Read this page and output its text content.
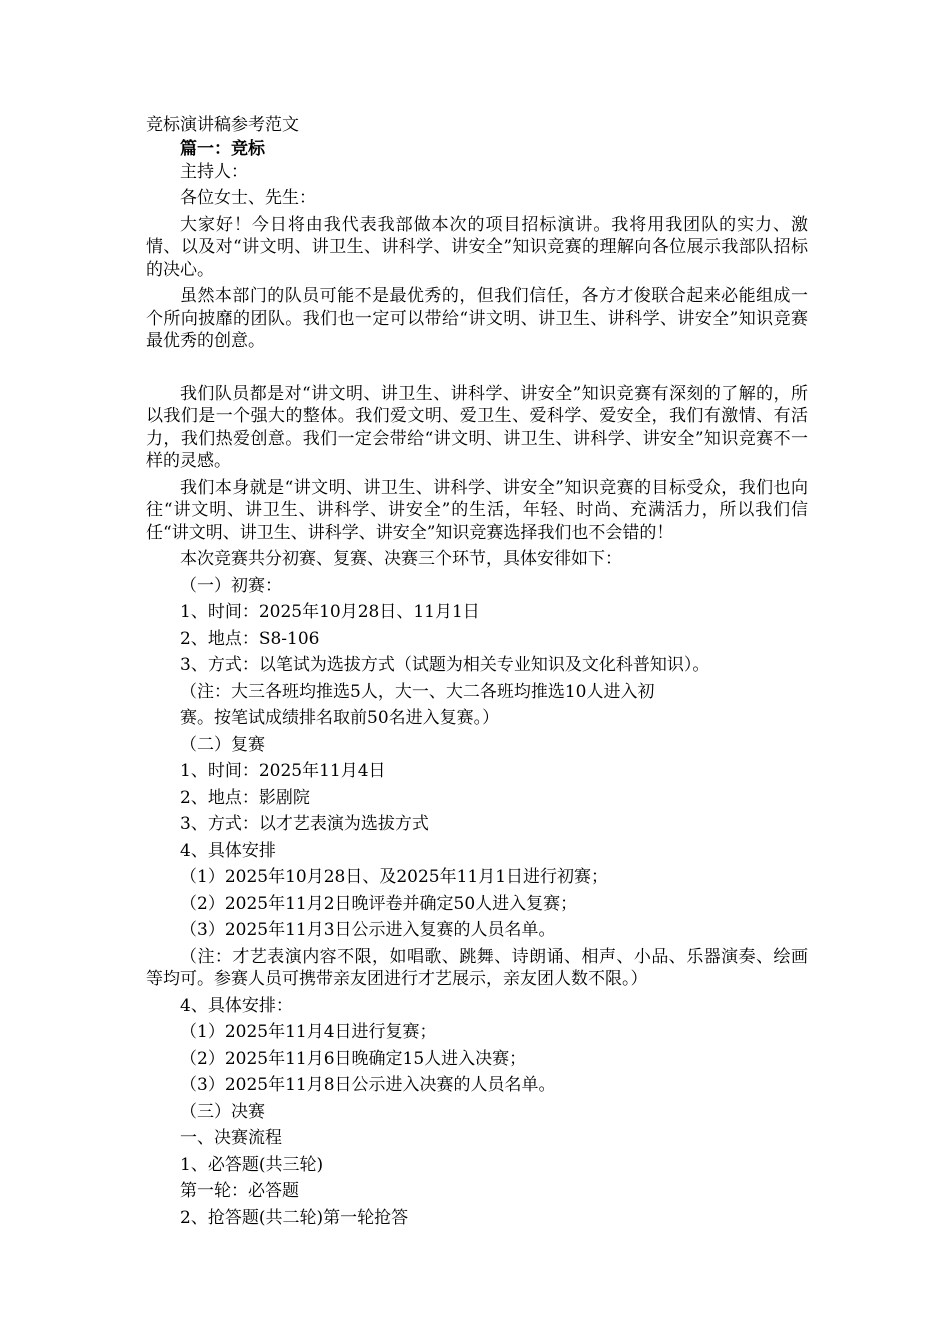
竞标演讲稿参考范文

篇一：竞标

主持人：

各位女士、先生：

大家好！今日将由我代表我部做本次的项目招标演讲。我将用我团队的实力、激情、以及对“讲文明、讲卫生、讲科学、讲安全”知识竞赛的理解向各位展示我部队招标的决心。

虽然本部门的队员可能不是最优秀的，但我们信任，各方才俊联合起来必能组成一个所向披靡的团队。我们也一定可以带给“讲文明、讲卫生、讲科学、讲安全”知识竞赛最优秀的创意。

我们队员都是对“讲文明、讲卫生、讲科学、讲安全”知识竞赛有深刻的了解的，所以我们是一个强大的整体。我们爱文明、爱卫生、爱科学、爱安全，我们有激情、有活力，我们热爱创意。我们一定会带给“讲文明、讲卫生、讲科学、讲安全”知识竞赛不一样的灵感。

我们本身就是“讲文明、讲卫生、讲科学、讲安全”知识竞赛的目标受众，我们也向往“讲文明、讲卫生、讲科学、讲安全”的生活，年轻、时尚、充满活力，所以我们信任“讲文明、讲卫生、讲科学、讲安全”知识竞赛选择我们也不会错的！

本次竞赛共分初赛、复赛、决赛三个环节，具体安徘如下：

（一）初赛：

1、时间：2025年10月28日、11月1日

2、地点：S8-106

3、方式：以笔试为选拔方式（试题为相关专业知识及文化科普知识）。

（注：大三各班均推选5人，大一、大二各班均推选10人进入初

赛。按笔试成绩排名取前50名进入复赛。）

（二）复赛

1、时间：2025年11月4日

2、地点：影剧院

3、方式：以才艺表演为选拔方式

4、具体安排

（1）2025年10月28日、及2025年11月1日进行初赛；

（2）2025年11月2日晚评卷并确定50人进入复赛；

（3）2025年11月3日公示进入复赛的人员名单。

（注：才艺表演内容不限，如唱歌、跳舞、诗朗诵、相声、小品、乐器演奏、绘画等均可。参赛人员可携带亲友团进行才艺展示，亲友团人数不限。）

4、具体安排：

（1）2025年11月4日进行复赛；

（2）2025年11月6日晚确定15人进入决赛；

（3）2025年11月8日公示进入决赛的人员名单。

（三）决赛

一、决赛流程

1、必答题(共三轮)

第一轮：必答题

2、抢答题(共二轮)第一轮抢答
